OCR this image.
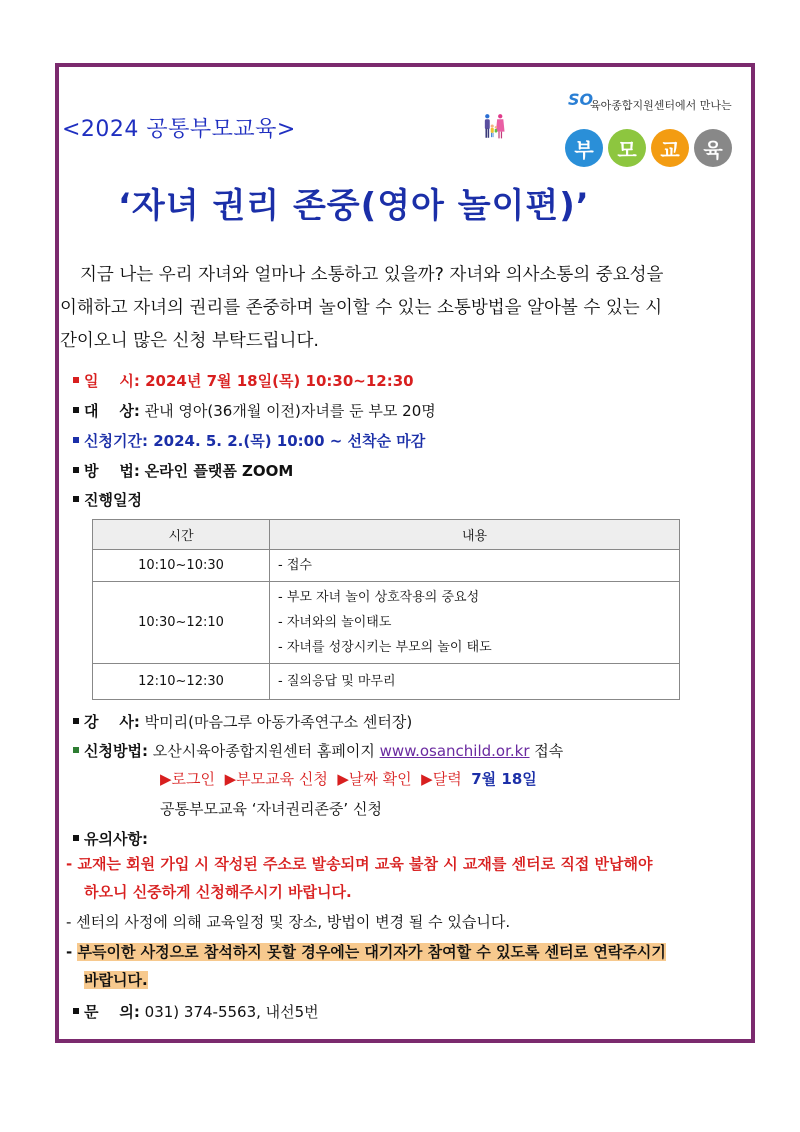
<2024 공통부모교육>
SO
육아종합지원센터에서 만나는
부	모	교	육
‘자녀 권리 존중(영아 놀이편)’
지금 나는 우리 자녀와 얼마나 소통하고 있을까? 자녀와 의사소통의 중요성을
이해하고 자녀의 권리를 존중하며 놀이할 수 있는 소통방법을 알아볼 수 있는 시
간이오니 많은 신청 부탁드립니다.
일    시: 2024년 7월 18일(목) 10:30~12:30
대    상: 관내 영아(36개월 이전)자녀를 둔 부모 20명
신청기간: 2024. 5. 2.(목) 10:00 ~ 선착순 마감
방    법: 온라인 플랫폼 ZOOM
진행일정
시간	내용
10:10~10:30	- 접수

10:30~12:10	- 부모 자녀 놀이 상호작용의 중요성
- 자녀와의 놀이태도
- 자녀를 성장시키는 부모의 놀이 태도

12:10~12:30	- 질의응답 및 마무리
강    사: 박미리(마음그루 아동가족연구소 센터장)
신청방법: 오산시육아종합지원센터 홈페이지 www.osanchild.or.kr 접속
▶로그인 ▶부모교육 신청 ▶날짜 확인 ▶달력 7월 18일
공통부모교육 ‘자녀권리존중’ 신청
유의사항:
- 교재는 회원 가입 시 작성된 주소로 발송되며 교육 불참 시 교재를 센터로 직접 반납해야
하오니 신중하게 신청해주시기 바랍니다.
- 센터의 사정에 의해 교육일정 및 장소, 방법이 변경 될 수 있습니다.
- 부득이한 사정으로 참석하지 못할 경우에는 대기자가 참여할 수 있도록 센터로 연락주시기
바랍니다.
문    의: 031) 374-5563, 내선5번
